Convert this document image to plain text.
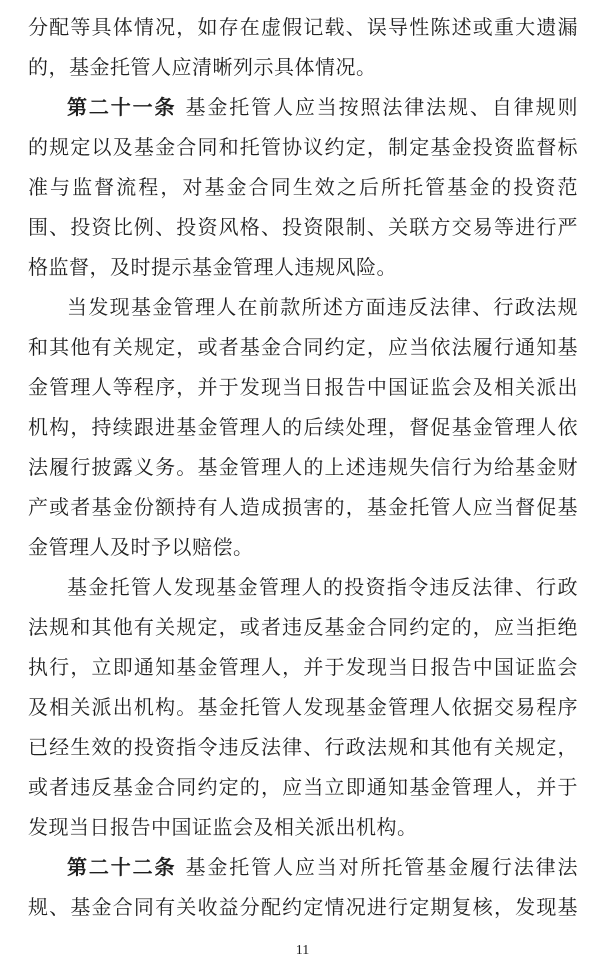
分配等具体情况，如存在虚假记载、误导性陈述或重大遗漏
的，基金托管人应清晰列示具体情况。
第二十一条 基金托管人应当按照法律法规、自律规则
的规定以及基金合同和托管协议约定，制定基金投资监督标
准与监督流程，对基金合同生效之后所托管基金的投资范
围、投资比例、投资风格、投资限制、关联方交易等进行严
格监督，及时提示基金管理人违规风险。
当发现基金管理人在前款所述方面违反法律、行政法规
和其他有关规定，或者基金合同约定，应当依法履行通知基
金管理人等程序，并于发现当日报告中国证监会及相关派出
机构，持续跟进基金管理人的后续处理，督促基金管理人依
法履行披露义务。基金管理人的上述违规失信行为给基金财
产或者基金份额持有人造成损害的，基金托管人应当督促基
金管理人及时予以赔偿。
基金托管人发现基金管理人的投资指令违反法律、行政
法规和其他有关规定，或者违反基金合同约定的，应当拒绝
执行，立即通知基金管理人，并于发现当日报告中国证监会
及相关派出机构。基金托管人发现基金管理人依据交易程序
已经生效的投资指令违反法律、行政法规和其他有关规定，
或者违反基金合同约定的，应当立即通知基金管理人，并于
发现当日报告中国证监会及相关派出机构。
第二十二条 基金托管人应当对所托管基金履行法律法
规、基金合同有关收益分配约定情况进行定期复核，发现基
11
